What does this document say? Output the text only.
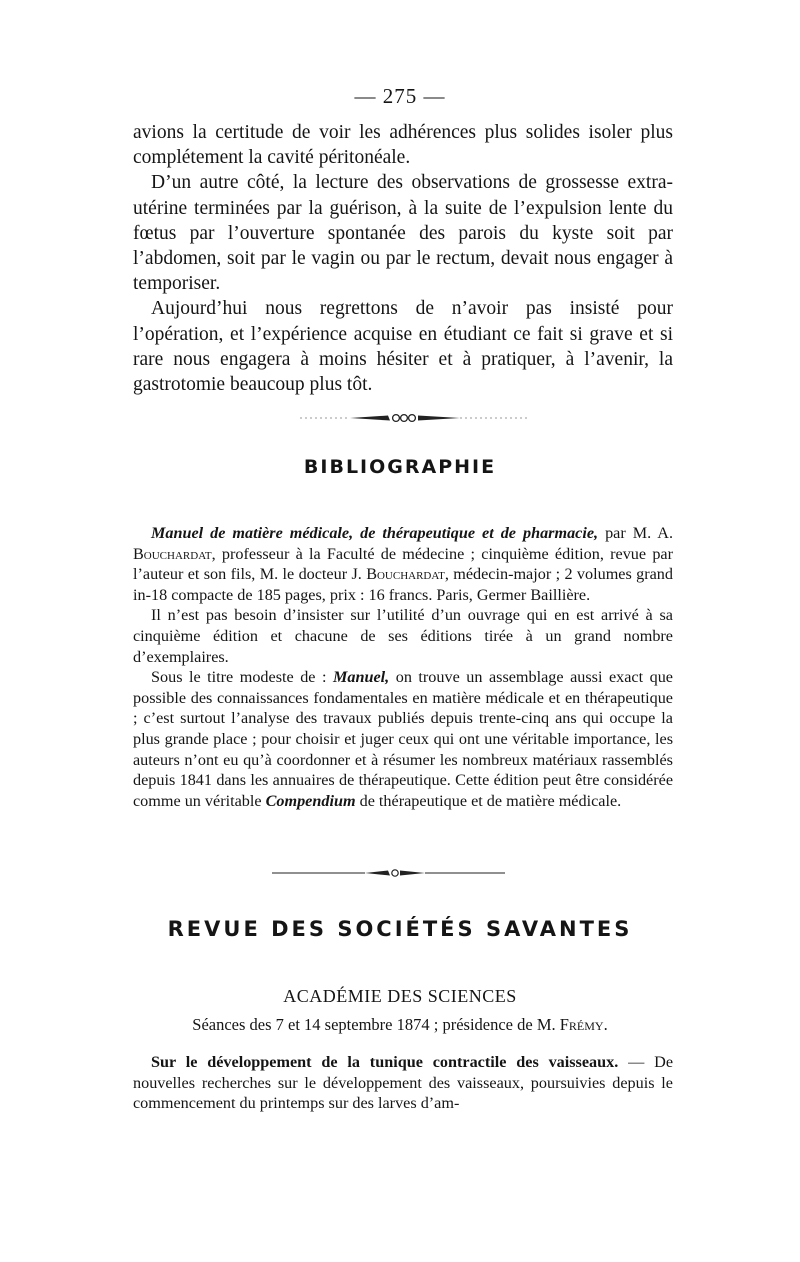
— 275 —

avions la certitude de voir les adhérences plus solides isoler plus complétement la cavité péritonéale.

D’un autre côté, la lecture des observations de grossesse extra-utérine terminées par la guérison, à la suite de l’expulsion lente du fœtus par l’ouverture spontanée des parois du kyste soit par l’abdomen, soit par le vagin ou par le rectum, devait nous engager à temporiser.

Aujourd’hui nous regrettons de n’avoir pas insisté pour l’opération, et l’expérience acquise en étudiant ce fait si grave et si rare nous engagera à moins hésiter et à pratiquer, à l’avenir, la gastrotomie beaucoup plus tôt.

BIBLIOGRAPHIE

Manuel de matière médicale, de thérapeutique et de pharmacie, par M. A. Bouchardat, professeur à la Faculté de médecine ; cinquième édition, revue par l’auteur et son fils, M. le docteur J. Bouchardat, médecin-major ; 2 volumes grand in-18 compacte de 185 pages, prix : 16 francs. Paris, Germer Baillière.

Il n’est pas besoin d’insister sur l’utilité d’un ouvrage qui en est arrivé à sa cinquième édition et chacune de ses éditions tirée à un grand nombre d’exemplaires.

Sous le titre modeste de : Manuel, on trouve un assemblage aussi exact que possible des connaissances fondamentales en matière médicale et en thérapeutique ; c’est surtout l’analyse des travaux publiés depuis trente-cinq ans qui occupe la plus grande place ; pour choisir et juger ceux qui ont une véritable importance, les auteurs n’ont eu qu’à coordonner et à résumer les nombreux matériaux rassemblés depuis 1841 dans les annuaires de thérapeutique. Cette édition peut être considérée comme un véritable Compendium de thérapeutique et de matière médicale.

REVUE DES SOCIÉTÉS SAVANTES
ACADÉMIE DES SCIENCES
Séances des 7 et 14 septembre 1874 ; présidence de M. Frémy.

Sur le développement de la tunique contractile des vaisseaux. — De nouvelles recherches sur le développement des vaisseaux, poursuivies depuis le commencement du printemps sur des larves d’am-
